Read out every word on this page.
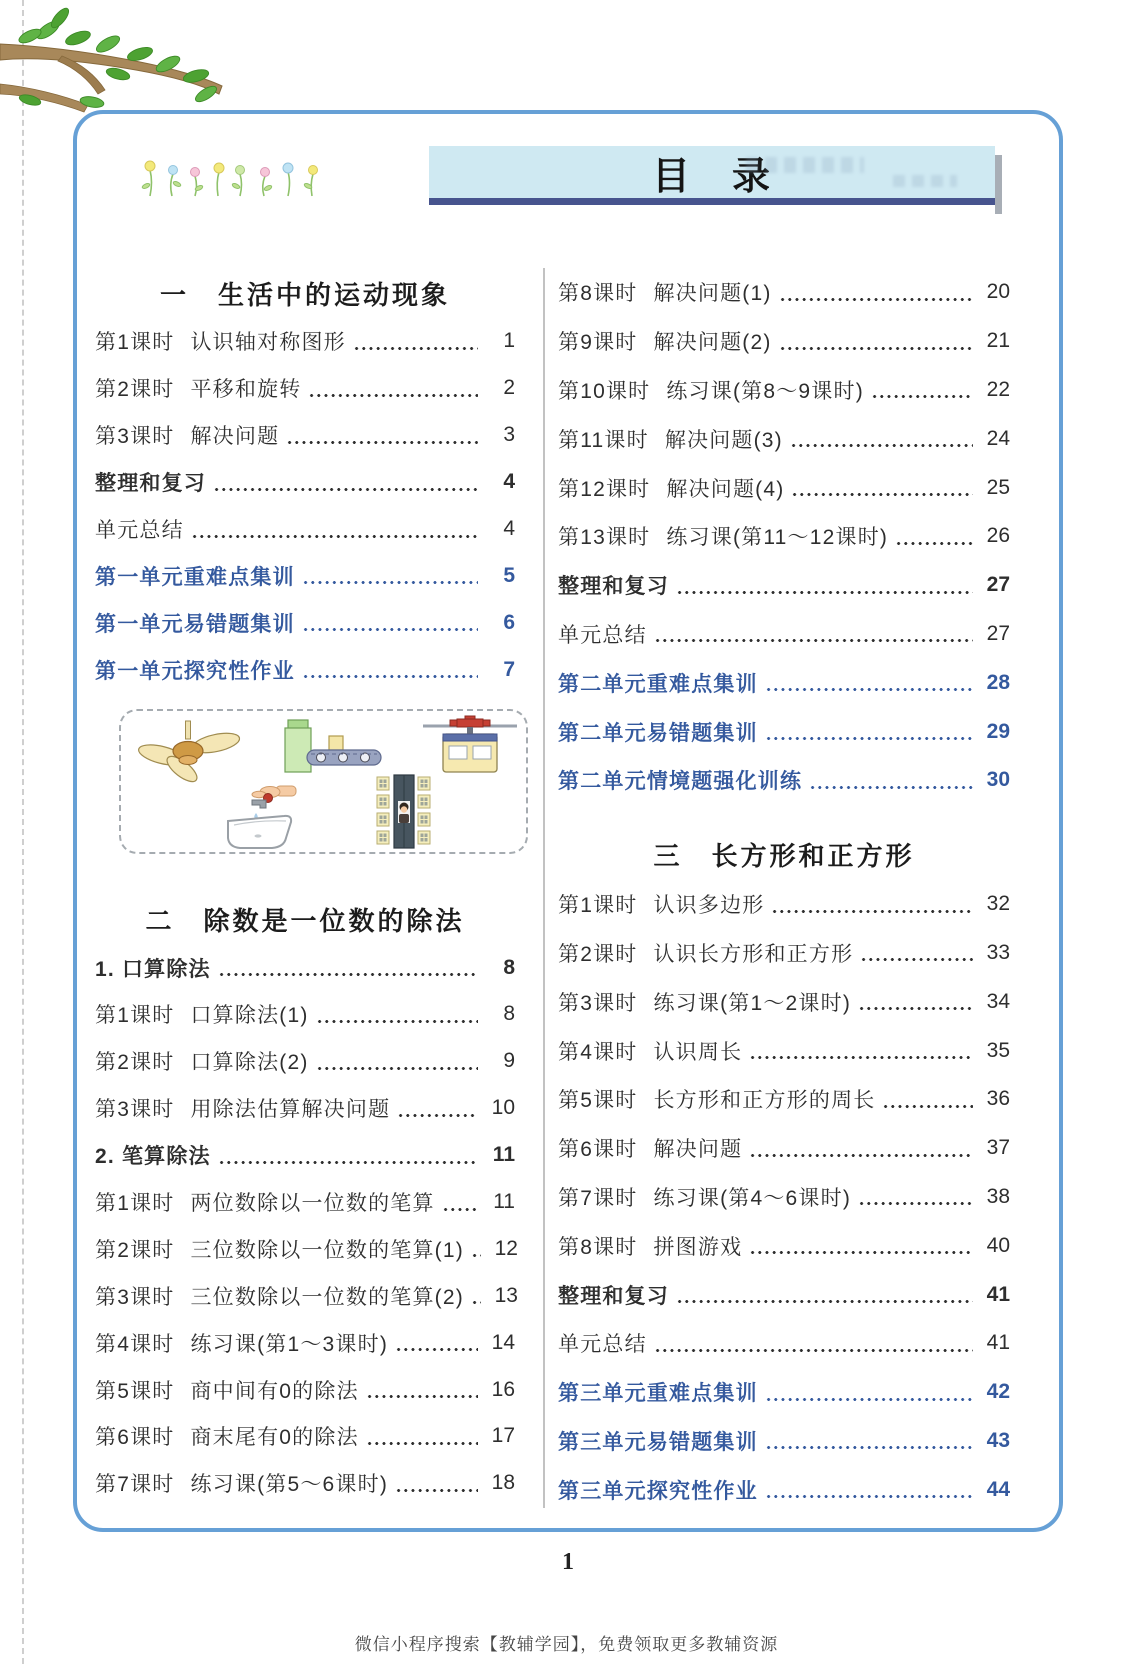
目　录
一　生活中的运动现象
第1课时 认识轴对称图形	1
第2课时 平移和旋转	2
第3课时 解决问题	3
整理和复习	4
单元总结	4
第一单元重难点集训	5
第一单元易错题集训	6
第一单元探究性作业	7
二　除数是一位数的除法
1. 口算除法	8
第1课时 口算除法(1)	8
第2课时 口算除法(2)	9
第3课时 用除法估算解决问题	10
2. 笔算除法	11
第1课时 两位数除以一位数的笔算	11
第2课时 三位数除以一位数的笔算(1)	12
第3课时 三位数除以一位数的笔算(2)	13
第4课时 练习课(第1～3课时)	14
第5课时 商中间有0的除法	16
第6课时 商末尾有0的除法	17
第7课时 练习课(第5～6课时)	18
第8课时 解决问题(1)	20
第9课时 解决问题(2)	21
第10课时 练习课(第8～9课时)	22
第11课时 解决问题(3)	24
第12课时 解决问题(4)	25
第13课时 练习课(第11～12课时)	26
整理和复习	27
单元总结	27
第二单元重难点集训	28
第二单元易错题集训	29
第二单元情境题强化训练	30
三　长方形和正方形
第1课时 认识多边形	32
第2课时 认识长方形和正方形	33
第3课时 练习课(第1～2课时)	34
第4课时 认识周长	35
第5课时 长方形和正方形的周长	36
第6课时 解决问题	37
第7课时 练习课(第4～6课时)	38
第8课时 拼图游戏	40
整理和复习	41
单元总结	41
第三单元重难点集训	42
第三单元易错题集训	43
第三单元探究性作业	44
1
微信小程序搜索【教辅学园】，免费领取更多教辅资源
